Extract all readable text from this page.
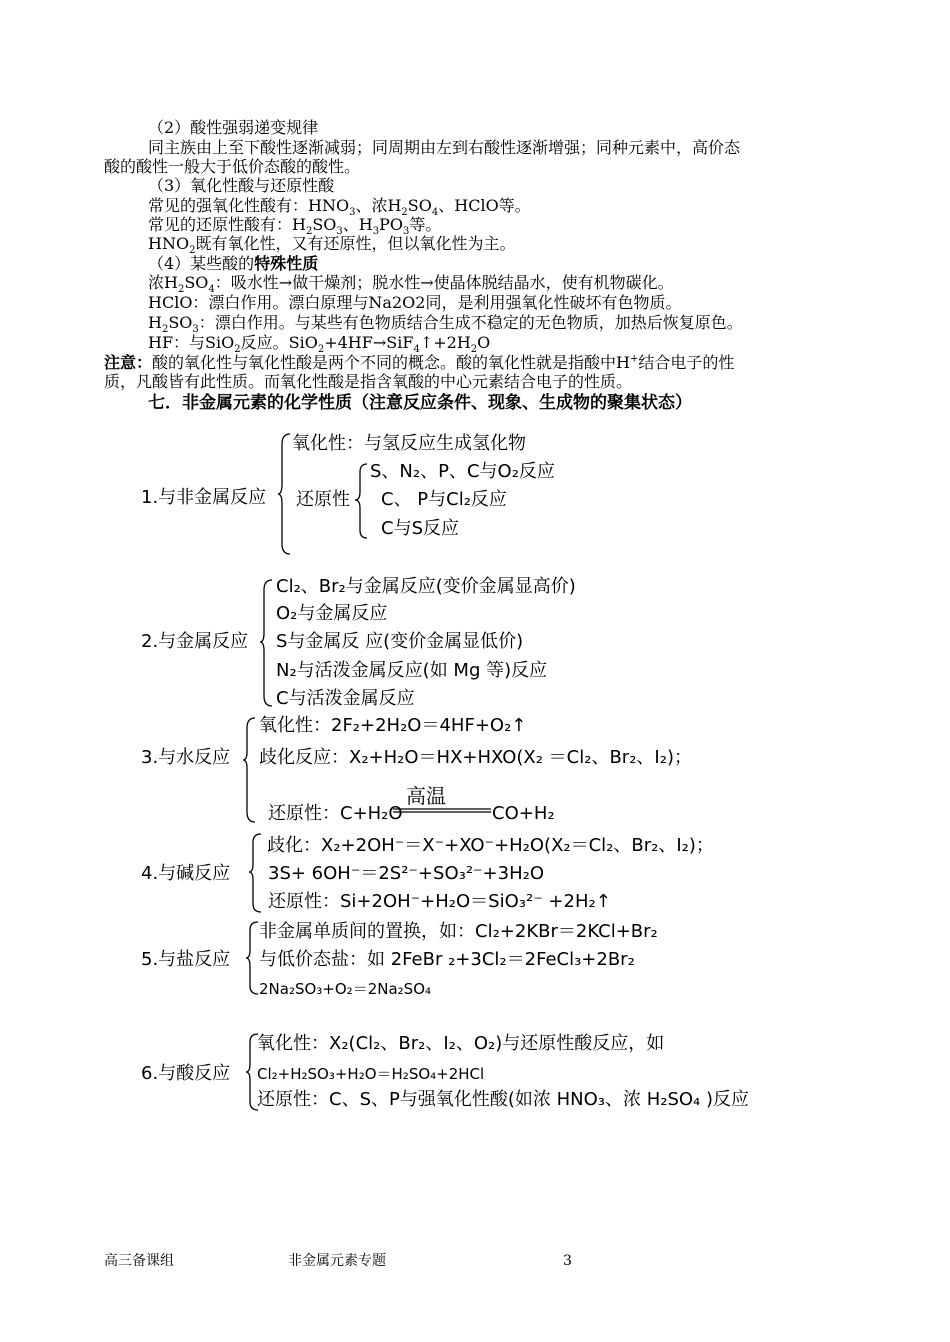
（2）酸性强弱递变规律
同主族由上至下酸性逐渐减弱；同周期由左到右酸性逐渐增强；同种元素中，高价态
酸的酸性一般大于低价态酸的酸性。
（3）氧化性酸与还原性酸
常见的强氧化性酸有：$HNO_3$、浓$H_2SO_4$、HClO等。
常见的还原性酸有：$H_2SO_3$、$H_3PO_3$等。
$HNO_2$既有氧化性，又有还原性，但以氧化性为主。
（4）某些酸的特殊性质
浓$H_2SO_4$：吸水性→做干燥剂；脱水性→使晶体脱结晶水，使有机物碳化。
HClO：漂白作用。漂白原理与Na2O2同，是利用强氧化性破坏有色物质。
$H_2SO_3$：漂白作用。与某些有色物质结合生成不稳定的无色物质，加热后恢复原色。
HF：与SiO$_2$反应。$SiO_2+4HF\to SiF_4↑+2H_2O$
注意：酸的氧化性与氧化性酸是两个不同的概念。酸的氧化性就是指酸中H+结合电子的性
质，凡酸皆有此性质。而氧化性酸是指含氧酸的中心元素结合电子的性质。
七．非金属元素的化学性质（注意反应条件、现象、生成物的聚集状态）
1.与非金属反应
氧化性：与氢反应生成氢化物
还原性
S、N₂、P、C与O₂反应
C、 P与Cl₂反应
C与S反应
2.与金属反应
Cl₂、Br₂与金属反应(变价金属显高价)
O₂与金属反应
S与金属反 应(变价金属显低价)
N₂与活泼金属反应(如 Mg 等)反应
C与活泼金属反应
3.与水反应
氧化性：2F₂+2H₂O＝4HF+O₂↑
歧化反应：X₂+H₂O＝HX+HXO(X₂ ＝Cl₂、Br₂、I₂)；
还原性：C+H₂O
高温
CO+H₂
4.与碱反应
歧化：X₂+2OH⁻＝X⁻+XO⁻+H₂O(X₂＝Cl₂、Br₂、I₂)；
3S+ 6OH⁻＝2S²⁻+SO₃²⁻+3H₂O
还原性：Si+2OH⁻+H₂O＝SiO₃²⁻ +2H₂↑
5.与盐反应
非金属单质间的置换，如：Cl₂+2KBr＝2KCl+Br₂
与低价态盐：如 2FeBr ₂+3Cl₂＝2FeCl₃+2Br₂
2Na₂SO₃+O₂＝2Na₂SO₄
6.与酸反应
氧化性：X₂(Cl₂、Br₂、I₂、O₂)与还原性酸反应，如
Cl₂+H₂SO₃+H₂O＝H₂SO₄+2HCl
还原性：C、S、P与强氧化性酸(如浓 HNO₃、浓 H₂SO₄ )反应
高三备课组	非金属元素专题	3
